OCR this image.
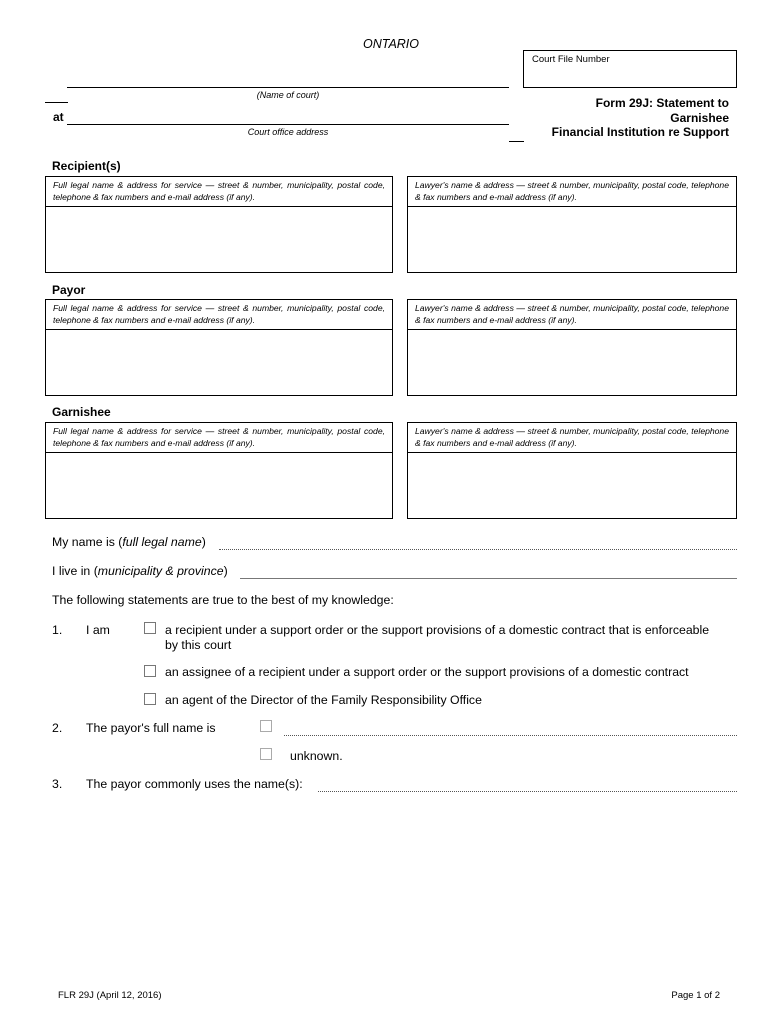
ONTARIO
Court File Number
(Name of court)
at
Court office address
Form 29J: Statement to
Garnishee
Financial Institution re Support
Recipient(s)
Full legal name & address for service — street & number, municipality, postal code, telephone & fax numbers and e-mail address (if any).
Lawyer's name & address — street & number, municipality, postal code, telephone & fax numbers and e-mail address (if any).
Payor
Full legal name & address for service — street & number, municipality, postal code, telephone & fax numbers and e-mail address (if any).
Lawyer's name & address — street & number, municipality, postal code, telephone & fax numbers and e-mail address (if any).
Garnishee
Full legal name & address for service — street & number, municipality, postal code, telephone & fax numbers and e-mail address (if any).
Lawyer's name & address — street & number, municipality, postal code, telephone & fax numbers and e-mail address (if any).
My name is (full legal name)
I live in (municipality & province)
The following statements are true to the best of my knowledge:
1. I am	a recipient under a support order or the support provisions of a domestic contract that is enforceable
by this court
an assignee of a recipient under a support order or the support provisions of a domestic contract
an agent of the Director of the Family Responsibility Office
2. The payor's full name is
unknown.
3. The payor commonly uses the name(s):
FLR 29J (April 12, 2016)	Page 1 of 2
